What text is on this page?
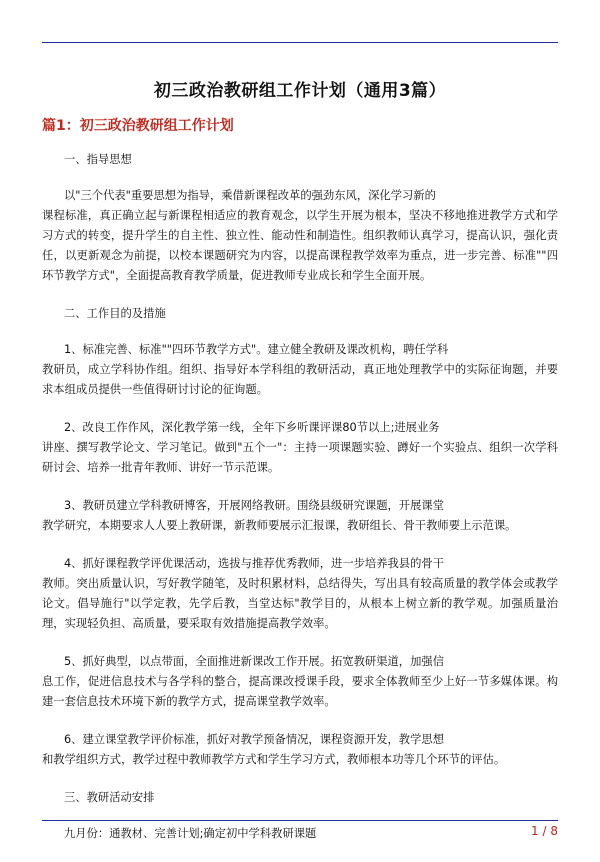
初三政治教研组工作计划（通用3篇）
篇1：初三政治教研组工作计划
一、指导思想
以"三个代表"重要思想为指导，乘借新课程改革的强劲东风，深化学习新的
课程标准，真正确立起与新课程相适应的教育观念，以学生开展为根本，坚决不移地推进教学方式和学习方式的转变，提升学生的自主性、独立性、能动性和制造性。组织教师认真学习，提高认识，强化责任，以更新观念为前提，以校本课题研究为内容，以提高课程教学效率为重点，进一步完善、标准""四环节教学方式"，全面提高教育教学质量，促进教师专业成长和学生全面开展。
二、工作目的及措施
1、标准完善、标准""四环节教学方式"。建立健全教研及课改机构，聘任学科
教研员，成立学科协作组。组织、指导好本学科组的教研活动，真正地处理教学中的实际征询题，并要求本组成员提供一些值得研讨讨论的征询题。
2、改良工作作风，深化教学第一线，全年下乡听课评课80节以上;进展业务
讲座、撰写教学论文、学习笔记。做到"五个一"：主持一项课题实验、蹲好一个实验点、组织一次学科研讨会、培养一批青年教师、讲好一节示范课。
3、教研员建立学科教研博客，开展网络教研。围绕县级研究课题，开展课堂
教学研究，本期要求人人要上教研课，新教师要展示汇报课，教研组长、骨干教师要上示范课。
4、抓好课程教学评优课活动，选拔与推荐优秀教师，进一步培养我县的骨干
教师。突出质量认识，写好教学随笔，及时积累材料，总结得失，写出具有较高质量的教学体会或教学论文。倡导施行"以学定教，先学后教，当堂达标"教学目的，从根本上树立新的教学观。加强质量治理，实现轻负担、高质量，要采取有效措施提高教学效率。
5、抓好典型，以点带面，全面推进新课改工作开展。拓宽教研渠道，加强信
息工作，促进信息技术与各学科的整合，提高课改授课手段，要求全体教师至少上好一节多媒体课。构建一套信息技术环境下新的教学方式，提高课堂教学效率。
6、建立课堂教学评价标准，抓好对教学预备情况，课程资源开发，教学思想
和教学组织方式，教学过程中教师教学方式和学生学习方式，教师根本功等几个环节的评估。
三、教研活动安排
九月份：通教材、完善计划;确定初中学科教研课题	1 / 8
